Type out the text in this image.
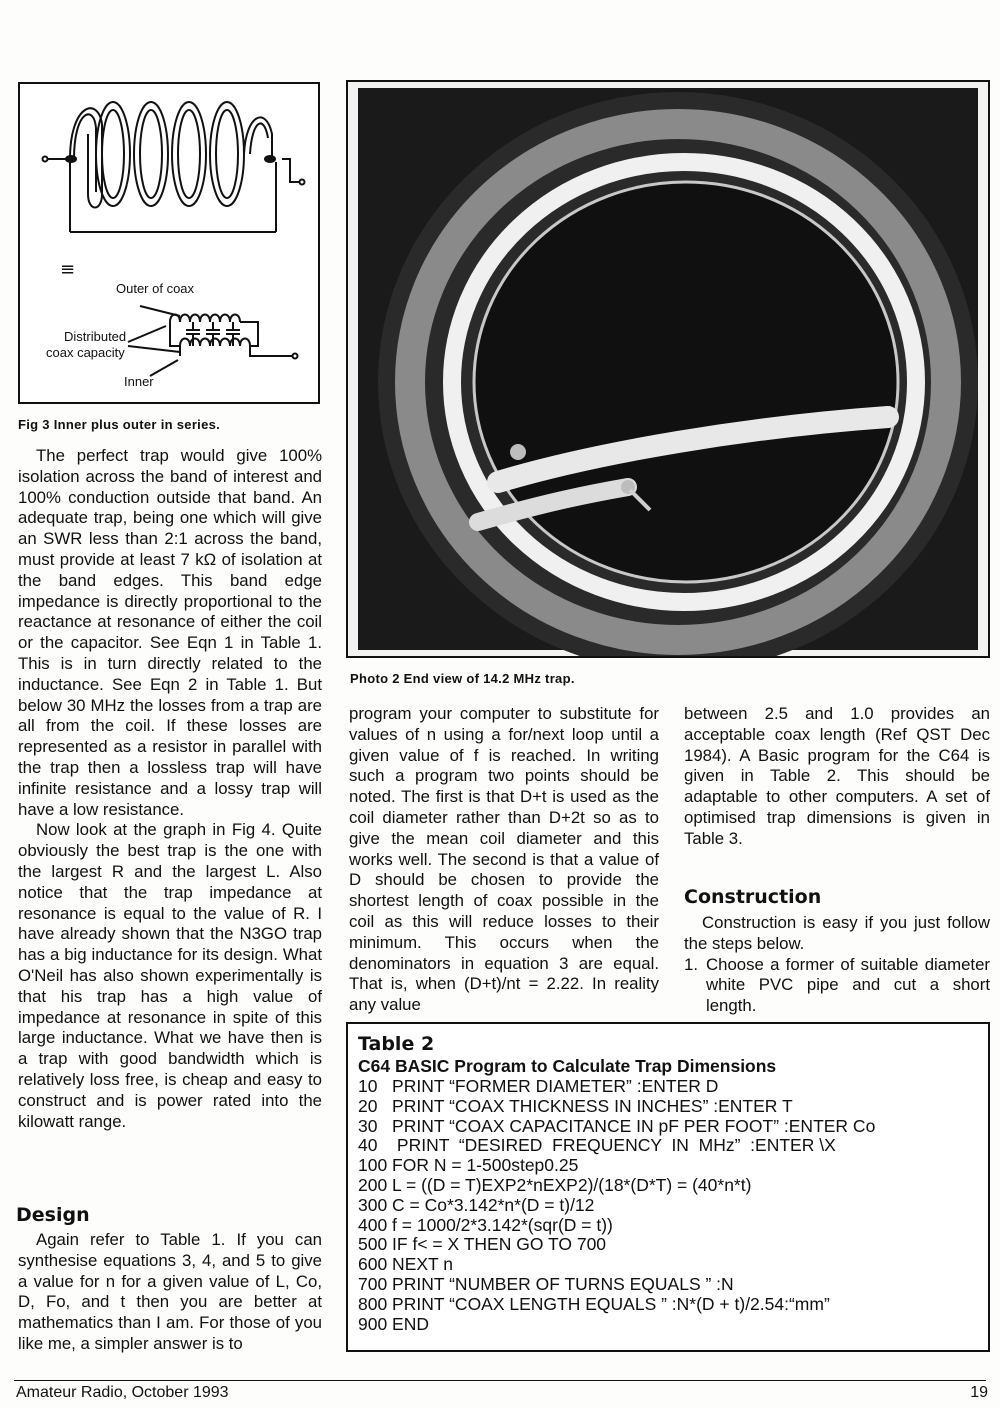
≡
Outer of coax
Distributed
coax capacity
Inner
Fig 3 Inner plus outer in series.

The perfect trap would give 100% isolation across the band of interest and 100% conduction outside that band. An adequate trap, being one which will give an SWR less than 2:1 across the band, must provide at least 7 kΩ of isolation at the band edges. This band edge impedance is directly proportional to the reactance at resonance of either the coil or the capacitor. See Eqn 1 in Table 1. This is in turn directly related to the inductance. See Eqn 2 in Table 1. But below 30 MHz the losses from a trap are all from the coil. If these losses are represented as a resistor in parallel with the trap then a lossless trap will have infinite resistance and a lossy trap will have a low resistance.

Now look at the graph in Fig 4. Quite obviously the best trap is the one with the largest R and the largest L. Also notice that the trap impedance at resonance is equal to the value of R. I have already shown that the N3GO trap has a big inductance for its design. What O'Neil has also shown experimentally is that his trap has a high value of impedance at resonance in spite of this large inductance. What we have then is a trap with good bandwidth which is relatively loss free, is cheap and easy to construct and is power rated into the kilowatt range.

Design

Again refer to Table 1. If you can synthesise equations 3, 4, and 5 to give a value for n for a given value of L, Co, D, Fo, and t then you are better at mathematics than I am. For those of you like me, a simpler answer is to

Photo 2 End view of 14.2 MHz trap.

program your computer to substitute for values of n using a for/next loop until a given value of f is reached. In writing such a program two points should be noted. The first is that D+t is used as the coil diameter rather than D+2t so as to give the mean coil diameter and this works well. The second is that a value of D should be chosen to provide the shortest length of coax possible in the coil as this will reduce losses to their minimum. This occurs when the denominators in equation 3 are equal. That is, when (D+t)/nt = 2.22. In reality any value

between 2.5 and 1.0 provides an acceptable coax length (Ref QST Dec 1984). A Basic program for the C64 is given in Table 2. This should be adaptable to other computers. A set of optimised trap dimensions is given in Table 3.

Construction

Construction is easy if you just follow the steps below.

1. Choose a former of suitable diameter white PVC pipe and cut a short length.
Table 2
C64 BASIC Program to Calculate Trap Dimensions
10   PRINT “FORMER DIAMETER” :ENTER D
20   PRINT “COAX THICKNESS IN INCHES” :ENTER T
30   PRINT “COAX CAPACITANCE IN pF PER FOOT” :ENTER Co
40    PRINT  “DESIRED  FREQUENCY  IN  MHz”  :ENTER \X
100 FOR N = 1-500step0.25
200 L = ((D = T)EXP2*nEXP2)/(18*(D*T) = (40*n*t)
300 C = Co*3.142*n*(D = t)/12
400 f = 1000/2*3.142*(sqr(D = t))
500 IF f< = X THEN GO TO 700
600 NEXT n
700 PRINT “NUMBER OF TURNS EQUALS ” :N
800 PRINT “COAX LENGTH EQUALS ” :N*(D + t)/2.54:“mm”
900 END
Amateur Radio, October 1993	19
